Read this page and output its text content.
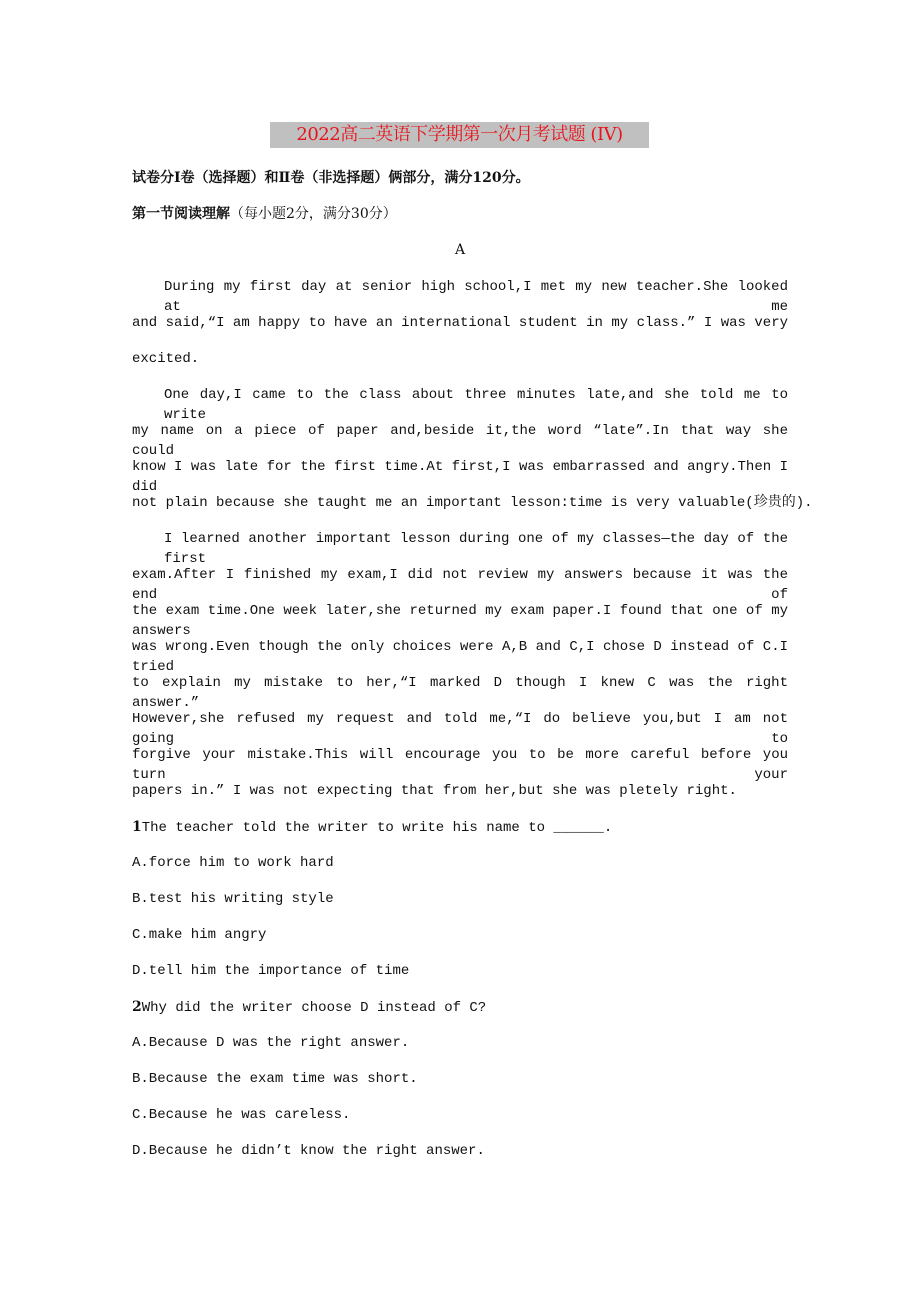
2022高二英语下学期第一次月考试题 (IV)
试卷分Ⅰ卷（选择题）和Ⅱ卷（非选择题）俩部分，满分120分。
第一节阅读理解（每小题2分，满分30分）
A
During my first day at senior high school,I met my new teacher.She looked at me
and said,“I am happy to have an international student in my class.” I was very
excited.
One day,I came to the class about three minutes late,and she told me to write
my name on a piece of paper and,beside it,the word “late”.In that way she could
know I was late for the first time.At first,I was embarrassed and angry.Then I did
not plain because she taught me an important lesson:time is very valuable(珍贵的).
I learned another important lesson during one of my classes—the day of the first
exam.After I finished my exam,I did not review my answers because it was the end of
the exam time.One week later,she returned my exam paper.I found that one of my answers
was wrong.Even though the only choices were A,B and C,I chose D instead of C.I tried
to explain my mistake to her,“I marked D though I knew C was the right answer.”
However,she refused my request and told me,“I do believe you,but I am not going to
forgive your mistake.This will encourage you to be more careful before you turn your
papers in.” I was not expecting that from her,but she was pletely right.
1The teacher told the writer to write his name to ______.
A.force him to work hard
B.test his writing style
C.make him angry
D.tell him the importance of time
2Why did the writer choose D instead of C?
A.Because D was the right answer.
B.Because the exam time was short.
C.Because he was careless.
D.Because he didn’t know the right answer.
